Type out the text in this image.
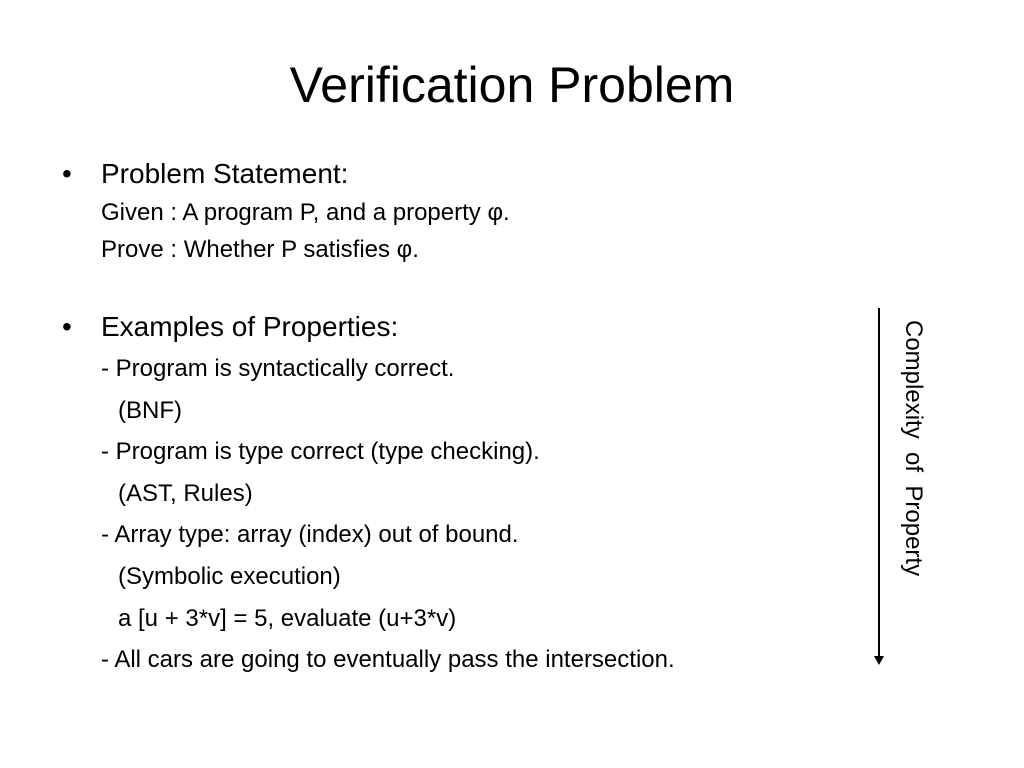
Verification Problem
• Problem Statement:
Given : A program P, and a property φ.
Prove : Whether P satisfies φ.
• Examples of Properties:
- Program is syntactically correct.
(BNF)
- Program is type correct (type checking).
(AST, Rules)
- Array type: array (index) out of bound.
(Symbolic execution)
a [u + 3*v] = 5, evaluate (u+3*v)
- All cars are going to eventually pass the intersection.
Complexity  of  Property
